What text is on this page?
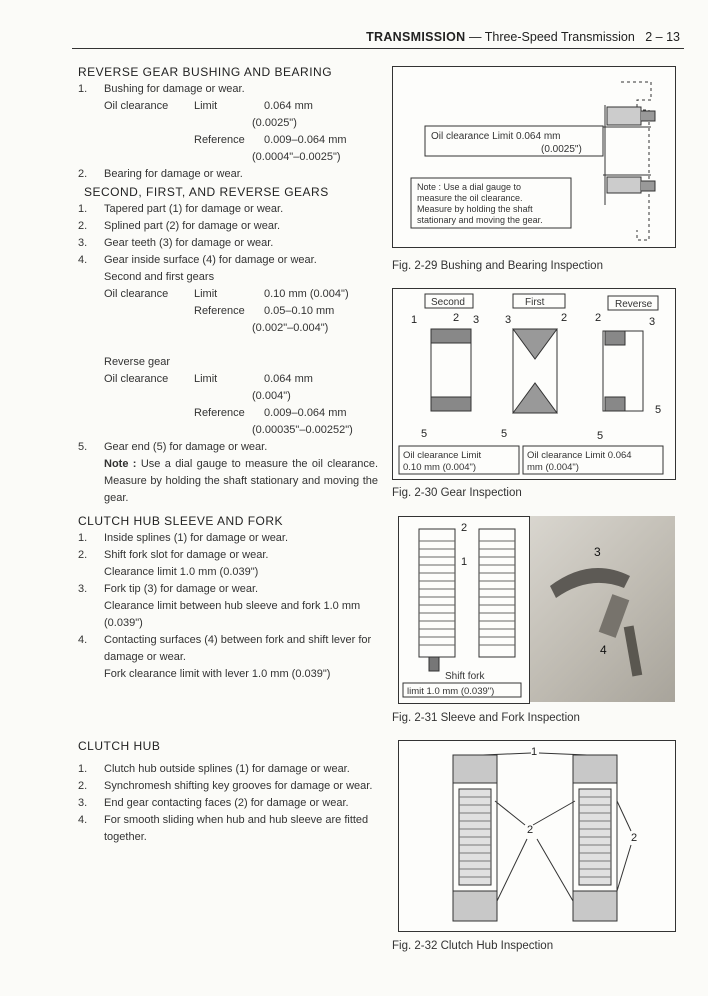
TRANSMISSION — Three-Speed Transmission 2 – 13

REVERSE GEAR BUSHING AND BEARING

1. Bushing for damage or wear.
Oil clearance	Limit	0.064 mm
(0.0025")
Reference	0.009–0.064 mm
(0.0004"–0.0025")
2. Bearing for damage or wear.

SECOND, FIRST, AND REVERSE GEARS

1. Tapered part (1) for damage or wear.
2. Splined part (2) for damage or wear.
3. Gear teeth (3) for damage or wear.
4. Gear inside surface (4) for damage or wear.
Second and first gears
Oil clearance	Limit	0.10 mm (0.004")
Reference	0.05–0.10 mm
(0.002"–0.004")
Reverse gear
Oil clearance	Limit	0.064 mm
(0.004")
Reference	0.009–0.064 mm
(0.00035"–0.00252")
5. Gear end (5) for damage or wear.
Note : Use a dial gauge to measure the oil clearance. Measure by holding the shaft stationary and moving the gear.

CLUTCH HUB SLEEVE AND FORK

1. Inside splines (1) for damage or wear.
2. Shift fork slot for damage or wear.
Clearance limit 1.0 mm (0.039")
3. Fork tip (3) for damage or wear.
Clearance limit between hub sleeve and fork 1.0 mm (0.039")
4. Contacting surfaces (4) between fork and shift lever for damage or wear.
Fork clearance limit with lever 1.0 mm (0.039")

CLUTCH HUB

1. Clutch hub outside splines (1) for damage or wear.
2. Synchromesh shifting key grooves for damage or wear.
3. End gear contacting faces (2) for damage or wear.
4. For smooth sliding when hub and hub sleeve are fitted together.
Oil clearance Limit 0.064 mm
(0.0025")
Note : Use a dial gauge to
measure the oil clearance.
Measure by holding the shaft
stationary and moving the gear.
Fig. 2-29 Bushing and Bearing Inspection
Second	First	Reverse
1	2 3 3	2	2	3
5
5	5	5
Oil clearance Limit
0.10 mm (0.004")
Oil clearance Limit 0.064
mm (0.004")
Fig. 2-30 Gear Inspection
2
1
Shift fork
limit 1.0 mm (0.039")
3
4
Fig. 2-31 Sleeve and Fork Inspection
1
2
2
Fig. 2-32 Clutch Hub Inspection
